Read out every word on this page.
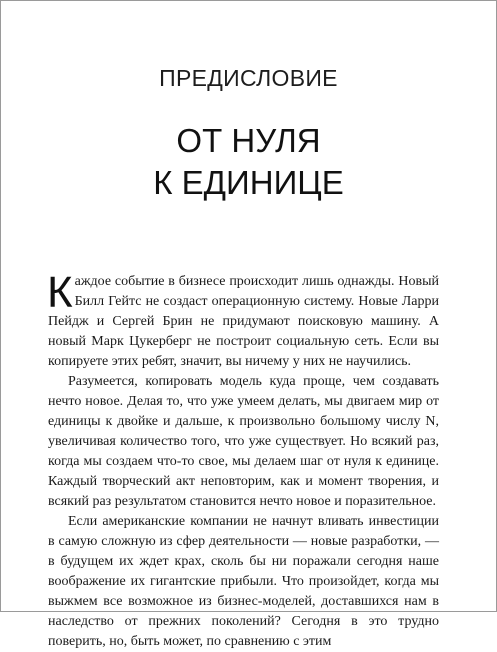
ПРЕДИСЛОВИЕ
ОТ НУЛЯ
К ЕДИНИЦЕ

Каждое событие в бизнесе происходит лишь однажды. Новый Билл Гейтс не создаст операционную систему. Новые Ларри Пейдж и Сергей Брин не придумают поисковую машину. А новый Марк Цукерберг не построит социальную сеть. Если вы копируете этих ребят, значит, вы ничему у них не научились.

Разумеется, копировать модель куда проще, чем создавать нечто новое. Делая то, что уже умеем делать, мы двигаем мир от единицы к двойке и дальше, к произвольно большому числу N, увеличивая количество того, что уже существует. Но всякий раз, когда мы создаем что-то свое, мы делаем шаг от нуля к единице. Каждый творческий акт неповторим, как и момент творения, и всякий раз результатом становится нечто новое и поразительное.

Если американские компании не начнут вливать инвестиции в самую сложную из сфер деятельности — новые разработки, — в будущем их ждет крах, сколь бы ни поражали сегодня наше воображение их гигантские прибыли. Что произойдет, когда мы выжмем все возможное из бизнес-моделей, доставшихся нам в наследство от прежних поколений? Сегодня в это трудно поверить, но, быть может, по сравнению с этим
